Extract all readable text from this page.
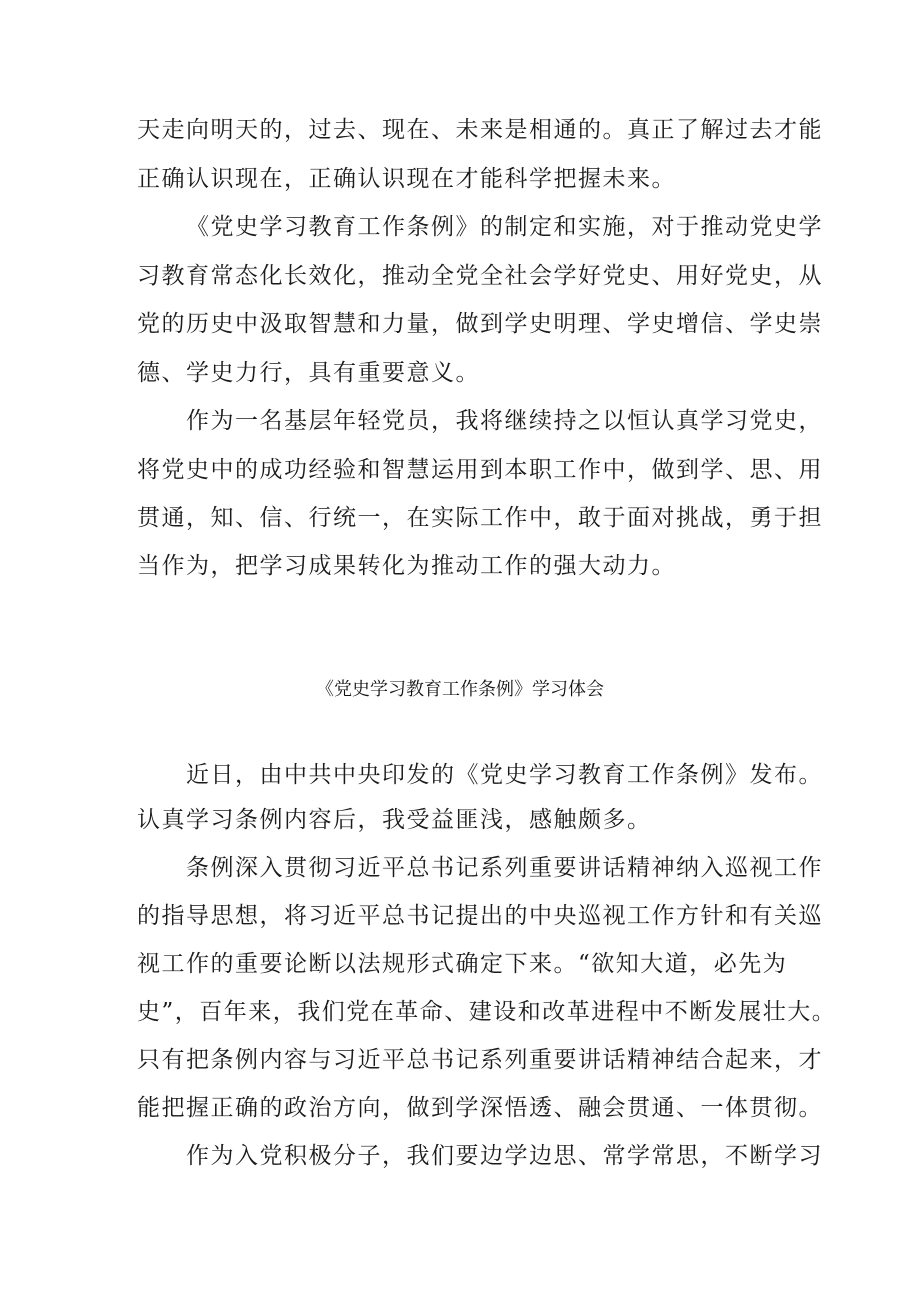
天走向明天的，过去、现在、未来是相通的。真正了解过去才能
正确认识现在，正确认识现在才能科学把握未来。
《党史学习教育工作条例》的制定和实施，对于推动党史学
习教育常态化长效化，推动全党全社会学好党史、用好党史，从
党的历史中汲取智慧和力量，做到学史明理、学史增信、学史崇
德、学史力行，具有重要意义。
作为一名基层年轻党员，我将继续持之以恒认真学习党史，
将党史中的成功经验和智慧运用到本职工作中，做到学、思、用
贯通，知、信、行统一，在实际工作中，敢于面对挑战，勇于担
当作为，把学习成果转化为推动工作的强大动力。
《党史学习教育工作条例》学习体会
近日，由中共中央印发的《党史学习教育工作条例》发布。
认真学习条例内容后，我受益匪浅，感触颇多。
条例深入贯彻习近平总书记系列重要讲话精神纳入巡视工作
的指导思想，将习近平总书记提出的中央巡视工作方针和有关巡
视工作的重要论断以法规形式确定下来。“欲知大道，必先为
史”，百年来，我们党在革命、建设和改革进程中不断发展壮大。
只有把条例内容与习近平总书记系列重要讲话精神结合起来，才
能把握正确的政治方向，做到学深悟透、融会贯通、一体贯彻。
作为入党积极分子，我们要边学边思、常学常思，不断学习
